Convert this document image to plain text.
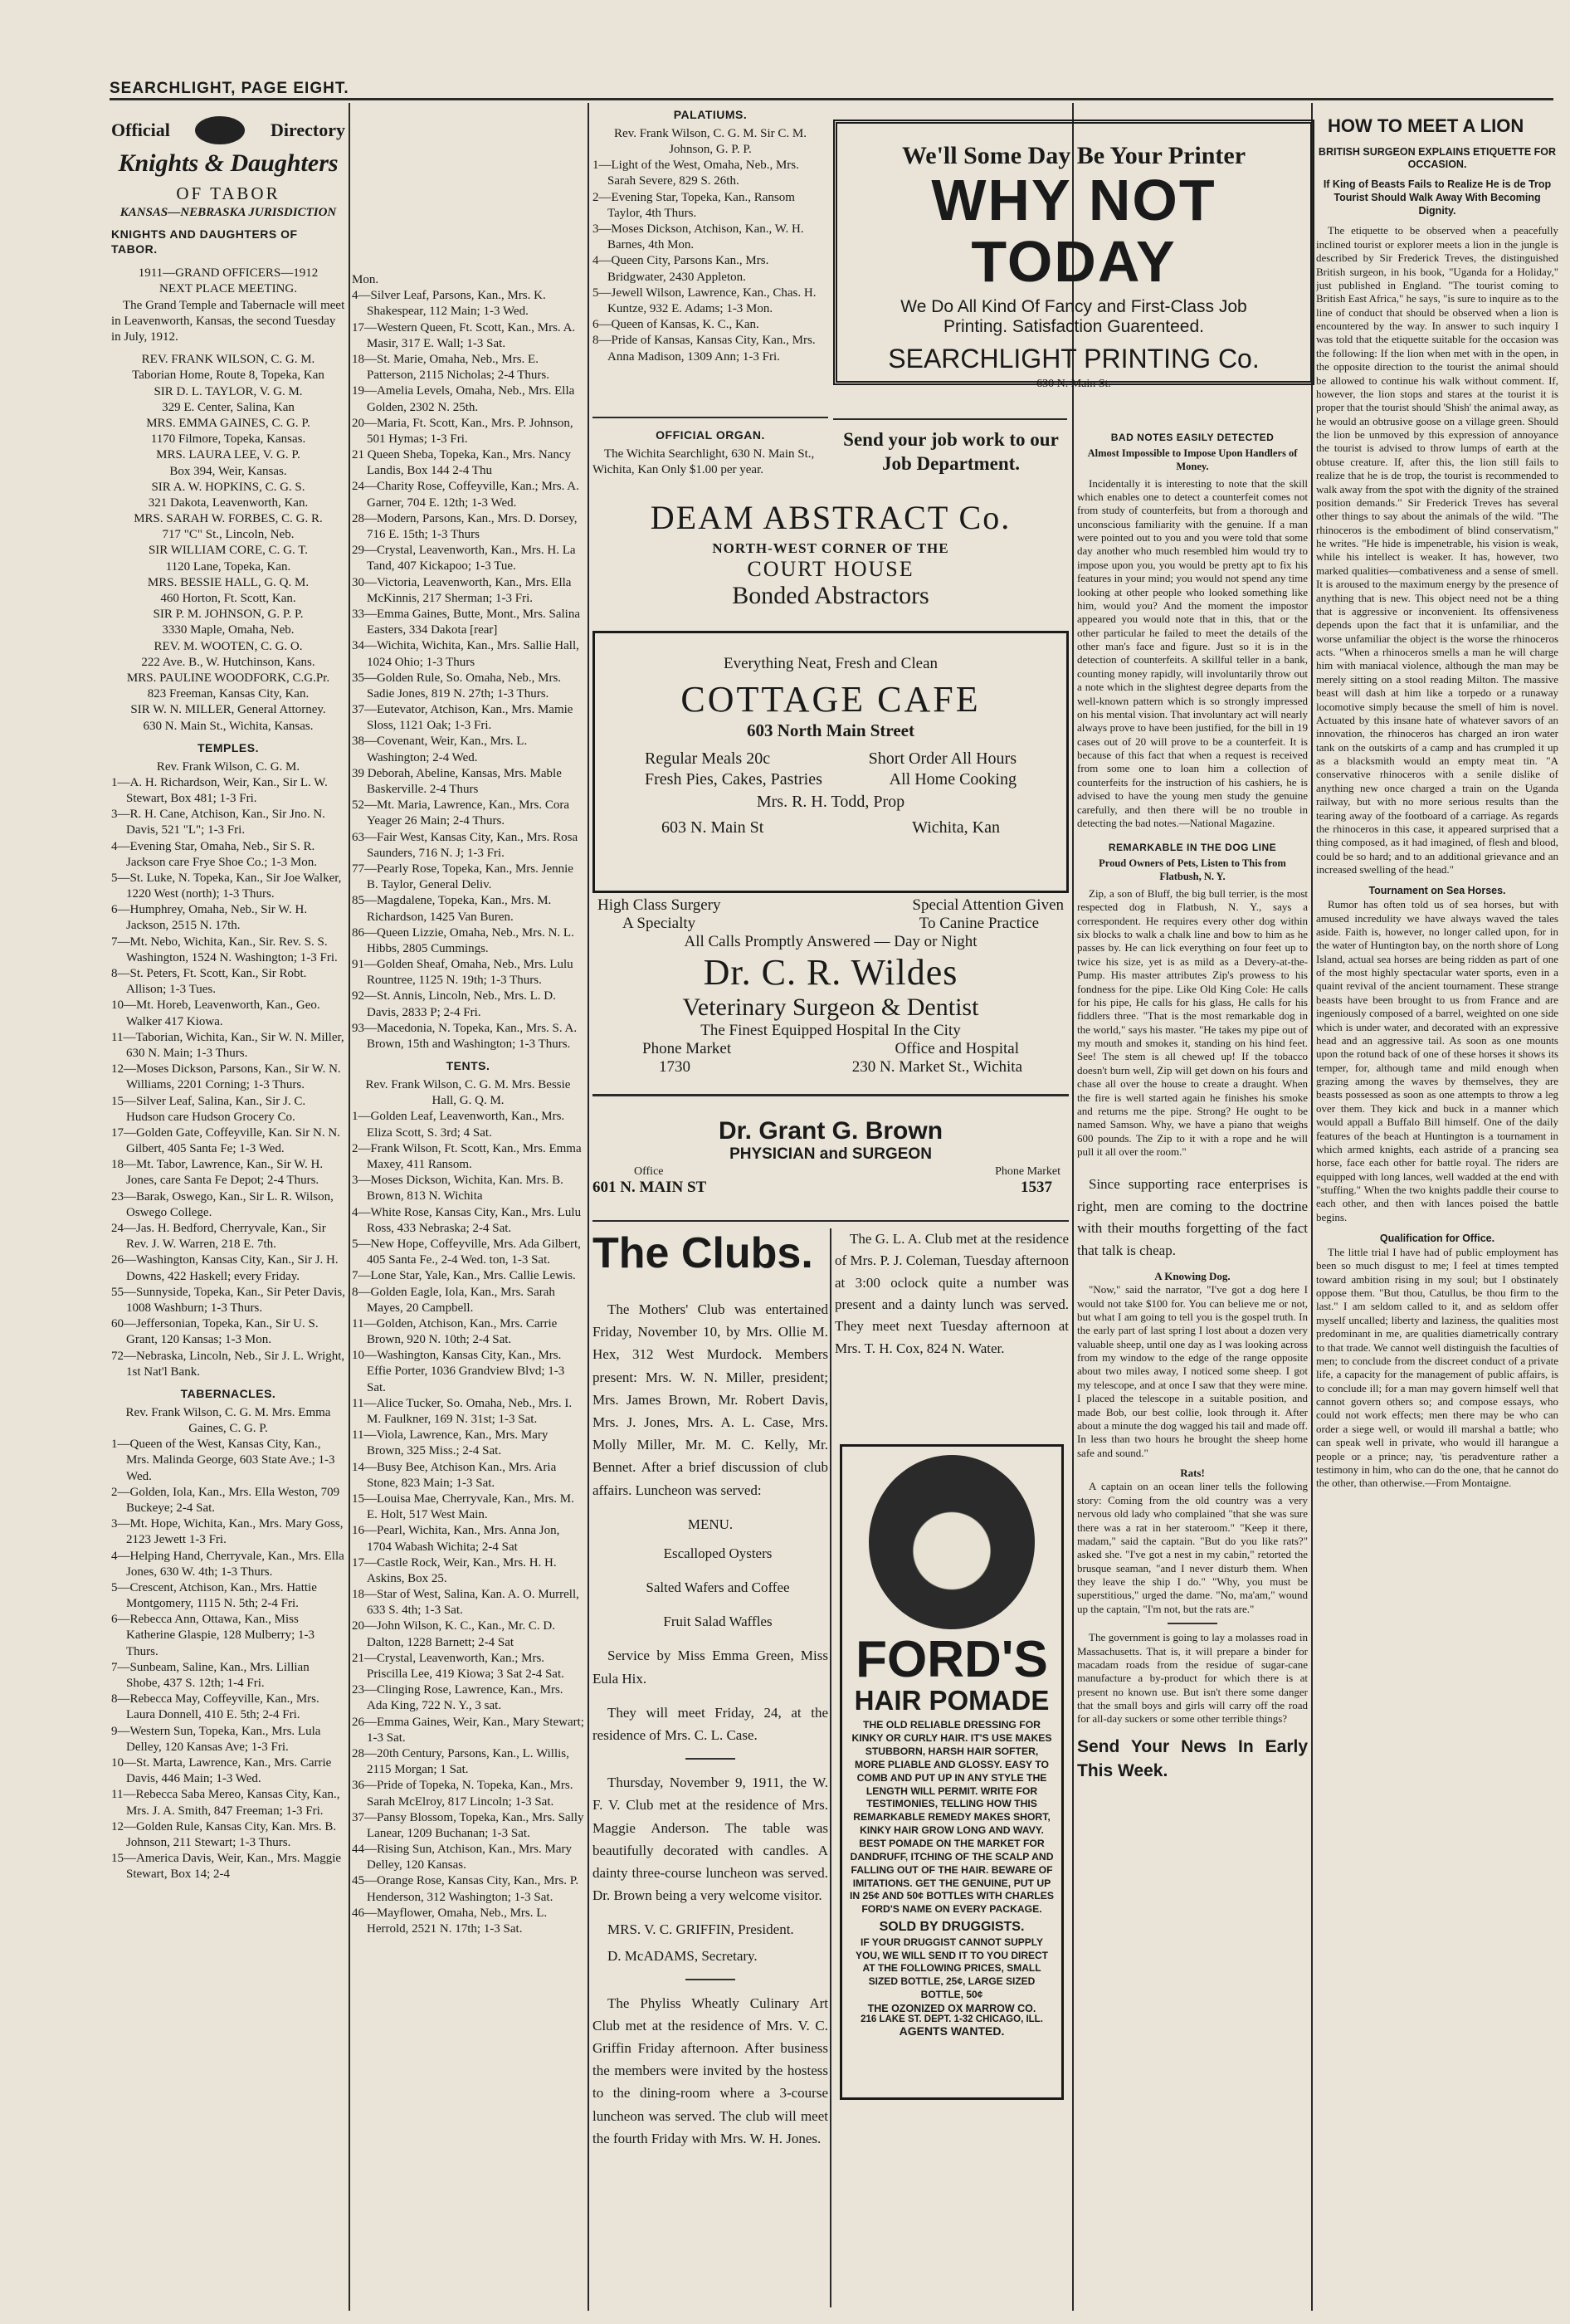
SEARCHLIGHT, PAGE EIGHT.
Official	Directory
Knights & Daughters
OF TABOR
KANSAS—NEBRASKA JURISDICTION
KNIGHTS AND DAUGHTERS OF TABOR.
1911—GRAND OFFICERS—1912
NEXT PLACE MEETING.

The Grand Temple and Tabernacle will meet in Leavenworth, Kansas, the second Tuesday in July, 1912.

REV. FRANK WILSON, C. G. M.

Taborian Home, Route 8, Topeka, Kan

SIR D. L. TAYLOR, V. G. M.

329 E. Center, Salina, Kan

MRS. EMMA GAINES, C. G. P.

1170 Filmore, Topeka, Kansas.

MRS. LAURA LEE, V. G. P.

Box 394, Weir, Kansas.

SIR A. W. HOPKINS, C. G. S.

321 Dakota, Leavenworth, Kan.

MRS. SARAH W. FORBES, C. G. R.

717 "C" St., Lincoln, Neb.

SIR WILLIAM CORE, C. G. T.

1120 Lane, Topeka, Kan.

MRS. BESSIE HALL, G. Q. M.

460 Horton, Ft. Scott, Kan.

SIR P. M. JOHNSON, G. P. P.

3330 Maple, Omaha, Neb.

REV. M. WOOTEN, C. G. O.

222 Ave. B., W. Hutchinson, Kans.

MRS. PAULINE WOODFORK, C.G.Pr.

823 Freeman, Kansas City, Kan.

SIR W. N. MILLER, General Attorney.

630 N. Main St., Wichita, Kansas.

TEMPLES.
Rev. Frank Wilson, C. G. M.

1—A. H. Richardson, Weir, Kan., Sir L. W. Stewart, Box 481; 1-3 Fri.

3—R. H. Cane, Atchison, Kan., Sir Jno. N. Davis, 521 "L"; 1-3 Fri.

4—Evening Star, Omaha, Neb., Sir S. R. Jackson care Frye Shoe Co.; 1-3 Mon.

5—St. Luke, N. Topeka, Kan., Sir Joe Walker, 1220 West (north); 1-3 Thurs.

6—Humphrey, Omaha, Neb., Sir W. H. Jackson, 2515 N. 17th.

7—Mt. Nebo, Wichita, Kan., Sir. Rev. S. S. Washington, 1524 N. Washington; 1-3 Fri.

8—St. Peters, Ft. Scott, Kan., Sir Robt. Allison; 1-3 Tues.

10—Mt. Horeb, Leavenworth, Kan., Geo. Walker 417 Kiowa.

11—Taborian, Wichita, Kan., Sir W. N. Miller, 630 N. Main; 1-3 Thurs.

12—Moses Dickson, Parsons, Kan., Sir W. N. Williams, 2201 Corning; 1-3 Thurs.

15—Silver Leaf, Salina, Kan., Sir J. C. Hudson care Hudson Grocery Co.

17—Golden Gate, Coffeyville, Kan. Sir N. N. Gilbert, 405 Santa Fe; 1-3 Wed.

18—Mt. Tabor, Lawrence, Kan., Sir W. H. Jones, care Santa Fe Depot; 2-4 Thurs.

23—Barak, Oswego, Kan., Sir L. R. Wilson, Oswego College.

24—Jas. H. Bedford, Cherryvale, Kan., Sir Rev. J. W. Warren, 218 E. 7th.

26—Washington, Kansas City, Kan., Sir J. H. Downs, 422 Haskell; every Friday.

55—Sunnyside, Topeka, Kan., Sir Peter Davis, 1008 Washburn; 1-3 Thurs.

60—Jeffersonian, Topeka, Kan., Sir U. S. Grant, 120 Kansas; 1-3 Mon.

72—Nebraska, Lincoln, Neb., Sir J. L. Wright, 1st Nat'l Bank.

TABERNACLES.
Rev. Frank Wilson, C. G. M. Mrs. Emma Gaines, C. G. P.

1—Queen of the West, Kansas City, Kan., Mrs. Malinda George, 603 State Ave.; 1-3 Wed.

2—Golden, Iola, Kan., Mrs. Ella Weston, 709 Buckeye; 2-4 Sat.

3—Mt. Hope, Wichita, Kan., Mrs. Mary Goss, 2123 Jewett 1-3 Fri.

4—Helping Hand, Cherryvale, Kan., Mrs. Ella Jones, 630 W. 4th; 1-3 Thurs.

5—Crescent, Atchison, Kan., Mrs. Hattie Montgomery, 1115 N. 5th; 2-4 Fri.

6—Rebecca Ann, Ottawa, Kan., Miss Katherine Glaspie, 128 Mulberry; 1-3 Thurs.

7—Sunbeam, Saline, Kan., Mrs. Lillian Shobe, 437 S. 12th; 1-4 Fri.

8—Rebecca May, Coffeyville, Kan., Mrs. Laura Donnell, 410 E. 5th; 2-4 Fri.

9—Western Sun, Topeka, Kan., Mrs. Lula Delley, 120 Kansas Ave; 1-3 Fri.

10—St. Marta, Lawrence, Kan., Mrs. Carrie Davis, 446 Main; 1-3 Wed.

11—Rebecca Saba Mereo, Kansas City, Kan., Mrs. J. A. Smith, 847 Freeman; 1-3 Fri.

12—Golden Rule, Kansas City, Kan. Mrs. B. Johnson, 211 Stewart; 1-3 Thurs.

15—America Davis, Weir, Kan., Mrs. Maggie Stewart, Box 14; 2-4

Mon.

4—Silver Leaf, Parsons, Kan., Mrs. K. Shakespear, 112 Main; 1-3 Wed.

17—Western Queen, Ft. Scott, Kan., Mrs. A. Masir, 317 E. Wall; 1-3 Sat.

18—St. Marie, Omaha, Neb., Mrs. E. Patterson, 2115 Nicholas; 2-4 Thurs.

19—Amelia Levels, Omaha, Neb., Mrs. Ella Golden, 2302 N. 25th.

20—Maria, Ft. Scott, Kan., Mrs. P. Johnson, 501 Hymas; 1-3 Fri.

21 Queen Sheba, Topeka, Kan., Mrs. Nancy Landis, Box 144 2-4 Thu

24—Charity Rose, Coffeyville, Kan.; Mrs. A. Garner, 704 E. 12th; 1-3 Wed.

28—Modern, Parsons, Kan., Mrs. D. Dorsey, 716 E. 15th; 1-3 Thurs

29—Crystal, Leavenworth, Kan., Mrs. H. La Tand, 407 Kickapoo; 1-3 Tue.

30—Victoria, Leavenworth, Kan., Mrs. Ella McKinnis, 217 Sherman; 1-3 Fri.

33—Emma Gaines, Butte, Mont., Mrs. Salina Easters, 334 Dakota [rear]

34—Wichita, Wichita, Kan., Mrs. Sallie Hall, 1024 Ohio; 1-3 Thurs

35—Golden Rule, So. Omaha, Neb., Mrs. Sadie Jones, 819 N. 27th; 1-3 Thurs.

37—Eutevator, Atchison, Kan., Mrs. Mamie Sloss, 1121 Oak; 1-3 Fri.

38—Covenant, Weir, Kan., Mrs. L. Washington; 2-4 Wed.

39 Deborah, Abeline, Kansas, Mrs. Mable Baskerville. 2-4 Thurs

52—Mt. Maria, Lawrence, Kan., Mrs. Cora Yeager 26 Main; 2-4 Thurs.

63—Fair West, Kansas City, Kan., Mrs. Rosa Saunders, 716 N. J; 1-3 Fri.

77—Pearly Rose, Topeka, Kan., Mrs. Jennie B. Taylor, General Deliv.

85—Magdalene, Topeka, Kan., Mrs. M. Richardson, 1425 Van Buren.

86—Queen Lizzie, Omaha, Neb., Mrs. N. L. Hibbs, 2805 Cummings.

91—Golden Sheaf, Omaha, Neb., Mrs. Lulu Rountree, 1125 N. 19th; 1-3 Thurs.

92—St. Annis, Lincoln, Neb., Mrs. L. D. Davis, 2833 P; 2-4 Fri.

93—Macedonia, N. Topeka, Kan., Mrs. S. A. Brown, 15th and Washington; 1-3 Thurs.

TENTS.
Rev. Frank Wilson, C. G. M. Mrs. Bessie Hall, G. Q. M.

1—Golden Leaf, Leavenworth, Kan., Mrs. Eliza Scott, S. 3rd; 4 Sat.

2—Frank Wilson, Ft. Scott, Kan., Mrs. Emma Maxey, 411 Ransom.

3—Moses Dickson, Wichita, Kan. Mrs. B. Brown, 813 N. Wichita

4—White Rose, Kansas City, Kan., Mrs. Lulu Ross, 433 Nebraska; 2-4 Sat.

5—New Hope, Coffeyville, Mrs. Ada Gilbert, 405 Santa Fe., 2-4 Wed. ton, 1-3 Sat.

7—Lone Star, Yale, Kan., Mrs. Callie Lewis.

8—Golden Eagle, Iola, Kan., Mrs. Sarah Mayes, 20 Campbell.

11—Golden, Atchison, Kan., Mrs. Carrie Brown, 920 N. 10th; 2-4 Sat.

10—Washington, Kansas City, Kan., Mrs. Effie Porter, 1036 Grandview Blvd; 1-3 Sat.

11—Alice Tucker, So. Omaha, Neb., Mrs. I. M. Faulkner, 169 N. 31st; 1-3 Sat.

11—Viola, Lawrence, Kan., Mrs. Mary Brown, 325 Miss.; 2-4 Sat.

14—Busy Bee, Atchison Kan., Mrs. Aria Stone, 823 Main; 1-3 Sat.

15—Louisa Mae, Cherryvale, Kan., Mrs. M. E. Holt, 517 West Main.

16—Pearl, Wichita, Kan., Mrs. Anna Jon, 1704 Wabash Wichita; 2-4 Sat

17—Castle Rock, Weir, Kan., Mrs. H. H. Askins, Box 25.

18—Star of West, Salina, Kan. A. O. Murrell, 633 S. 4th; 1-3 Sat.

20—John Wilson, K. C., Kan., Mr. C. D. Dalton, 1228 Barnett; 2-4 Sat

21—Crystal, Leavenworth, Kan.; Mrs. Priscilla Lee, 419 Kiowa; 3 Sat 2-4 Sat.

23—Clinging Rose, Lawrence, Kan., Mrs. Ada King, 722 N. Y., 3 sat.

26—Emma Gaines, Weir, Kan., Mary Stewart; 1-3 Sat.

28—20th Century, Parsons, Kan., L. Willis, 2115 Morgan; 1 Sat.

36—Pride of Topeka, N. Topeka, Kan., Mrs. Sarah McElroy, 817 Lincoln; 1-3 Sat.

37—Pansy Blossom, Topeka, Kan., Mrs. Sally Lanear, 1209 Buchanan; 1-3 Sat.

44—Rising Sun, Atchison, Kan., Mrs. Mary Delley, 120 Kansas.

45—Orange Rose, Kansas City, Kan., Mrs. P. Henderson, 312 Washington; 1-3 Sat.

46—Mayflower, Omaha, Neb., Mrs. L. Herrold, 2521 N. 17th; 1-3 Sat.

PALATIUMS.
Rev. Frank Wilson, C. G. M. Sir C. M. Johnson, G. P. P.

1—Light of the West, Omaha, Neb., Mrs. Sarah Severe, 829 S. 26th.

2—Evening Star, Topeka, Kan., Ransom Taylor, 4th Thurs.

3—Moses Dickson, Atchison, Kan., W. H. Barnes, 4th Mon.

4—Queen City, Parsons Kan., Mrs. Bridgwater, 2430 Appleton.

5—Jewell Wilson, Lawrence, Kan., Chas. H. Kuntze, 932 E. Adams; 1-3 Mon.

6—Queen of Kansas, K. C., Kan.

8—Pride of Kansas, Kansas City, Kan., Mrs. Anna Madison, 1309 Ann; 1-3 Fri.

OFFICIAL ORGAN.

The Wichita Searchlight, 630 N. Main St., Wichita, Kan Only $1.00 per year.

We'll Some Day Be Your Printer
WHY NOT TODAY
We Do All Kind Of Fancy and First-Class Job
Printing. Satisfaction Guarenteed.
SEARCHLIGHT PRINTING Co.
630 N. Main St.
Send your job work to our Job Department.
DEAM ABSTRACT Co.
NORTH-WEST CORNER OF THE
COURT HOUSE
Bonded Abstractors
Everything Neat, Fresh and Clean
COTTAGE CAFE
603 North Main Street
Regular Meals 20c	Short Order All Hours
Fresh Pies, Cakes, Pastries	All Home Cooking
Mrs. R. H. Todd, Prop
603 N. Main St	Wichita, Kan
High Class Surgery	Special Attention Given
A Specialty	To Canine Practice
All Calls Promptly Answered — Day or Night
Dr. C. R. Wildes
Veterinary Surgeon & Dentist
The Finest Equipped Hospital In the City
Phone Market	Office and Hospital
1730	230 N. Market St., Wichita
Dr. Grant G. Brown
PHYSICIAN and SURGEON
Office	Phone Market
601 N. MAIN ST	1537
The Clubs.

The Mothers' Club was entertained Friday, November 10, by Mrs. Ollie M. Hex, 312 West Murdock. Members present: Mrs. W. N. Miller, president; Mrs. James Brown, Mr. Robert Davis, Mrs. J. Jones, Mrs. A. L. Case, Mrs. Molly Miller, Mr. M. C. Kelly, Mr. Bennet. After a brief discussion of club affairs. Luncheon was served:

MENU.

Escalloped Oysters

Salted Wafers and Coffee

Fruit Salad Waffles

Service by Miss Emma Green, Miss Eula Hix.

They will meet Friday, 24, at the residence of Mrs. C. L. Case.

Thursday, November 9, 1911, the W. F. V. Club met at the residence of Mrs. Maggie Anderson. The table was beautifully decorated with candles. A dainty three-course luncheon was served. Dr. Brown being a very welcome visitor.

MRS. V. C. GRIFFIN, President.

D. McADAMS, Secretary.

The Phyliss Wheatly Culinary Art Club met at the residence of Mrs. V. C. Griffin Friday afternoon. After business the members were invited by the hostess to the dining-room where a 3-course luncheon was served. The club will meet the fourth Friday with Mrs. W. H. Jones.

The G. L. A. Club met at the residence of Mrs. P. J. Coleman, Tuesday afternoon at 3:00 oclock quite a number was present and a dainty lunch was served. They meet next Tuesday afternoon at Mrs. T. H. Cox, 824 N. Water.

FORD'S
HAIR POMADE
THE OLD RELIABLE DRESSING FOR KINKY OR CURLY HAIR. IT'S USE MAKES STUBBORN, HARSH HAIR SOFTER, MORE PLIABLE AND GLOSSY. EASY TO COMB AND PUT UP IN ANY STYLE THE LENGTH WILL PERMIT. WRITE FOR TESTIMONIES, TELLING HOW THIS REMARKABLE REMEDY MAKES SHORT, KINKY HAIR GROW LONG AND WAVY. BEST POMADE ON THE MARKET FOR DANDRUFF, ITCHING OF THE SCALP AND FALLING OUT OF THE HAIR. BEWARE OF IMITATIONS. GET THE GENUINE, PUT UP IN 25¢ AND 50¢ BOTTLES WITH CHARLES FORD'S NAME ON EVERY PACKAGE.
SOLD BY DRUGGISTS.
IF YOUR DRUGGIST CANNOT SUPPLY YOU, WE WILL SEND IT TO YOU DIRECT AT THE FOLLOWING PRICES, SMALL SIZED BOTTLE, 25¢, LARGE SIZED BOTTLE, 50¢
THE OZONIZED OX MARROW CO.
216 LAKE ST. DEPT. 1-32 CHICAGO, ILL.
AGENTS WANTED.
BAD NOTES EASILY DETECTED
Almost Impossible to Impose Upon Handlers of Money.

Incidentally it is interesting to note that the skill which enables one to detect a counterfeit comes not from study of counterfeits, but from a thorough and unconscious familiarity with the genuine. If a man were pointed out to you and you were told that some day another who much resembled him would try to impose upon you, you would be pretty apt to fix his features in your mind; you would not spend any time looking at other people who looked something like him, would you? And the moment the impostor appeared you would note that in this, that or the other particular he failed to meet the details of the other man's face and figure. Just so it is in the detection of counterfeits. A skillful teller in a bank, counting money rapidly, will involuntarily throw out a note which in the slightest degree departs from the well-known pattern which is so strongly impressed on his mental vision. That involuntary act will nearly always prove to have been justified, for the bill in 19 cases out of 20 will prove to be a counterfeit. It is because of this fact that when a request is received from some one to loan him a collection of counterfeits for the instruction of his cashiers, he is advised to have the young men study the genuine carefully, and then there will be no trouble in detecting the bad notes.—National Magazine.

REMARKABLE IN THE DOG LINE
Proud Owners of Pets, Listen to This from Flatbush, N. Y.

Zip, a son of Bluff, the big bull terrier, is the most respected dog in Flatbush, N. Y., says a correspondent. He requires every other dog within six blocks to walk a chalk line and bow to him as he passes by. He can lick everything on four feet up to twice his size, yet is as mild as a Devery-at-the-Pump. His master attributes Zip's prowess to his fondness for the pipe. Like Old King Cole: He calls for his pipe, He calls for his glass, He calls for his fiddlers three. "That is the most remarkable dog in the world," says his master. "He takes my pipe out of my mouth and smokes it, standing on his hind feet. See! The stem is all chewed up! If the tobacco doesn't burn well, Zip will get down on his fours and chase all over the house to create a draught. When the fire is well started again he finishes his smoke and returns me the pipe. Strong? He ought to be named Samson. Why, we have a piano that weighs 600 pounds. The Zip to it with a rope and he will pull it all over the room."

Since supporting race enterprises is right, men are coming to the doctrine with their mouths forgetting of the fact that talk is cheap.

A Knowing Dog.

"Now," said the narrator, "I've got a dog here I would not take $100 for. You can believe me or not, but what I am going to tell you is the gospel truth. In the early part of last spring I lost about a dozen very valuable sheep, until one day as I was looking across from my window to the edge of the range opposite about two miles away, I noticed some sheep. I got my telescope, and at once I saw that they were mine. I placed the telescope in a suitable position, and made Bob, our best collie, look through it. After about a minute the dog wagged his tail and made off. In less than two hours he brought the sheep home safe and sound."

Rats!

A captain on an ocean liner tells the following story: Coming from the old country was a very nervous old lady who complained "that she was sure there was a rat in her stateroom." "Keep it there, madam," said the captain. "But do you like rats?" asked she. "I've got a nest in my cabin," retorted the brusque seaman, "and I never disturb them. When they leave the ship I do." "Why, you must be superstitious," urged the dame. "No, ma'am," wound up the captain, "I'm not, but the rats are."

The government is going to lay a molasses road in Massachusetts. That is, it will prepare a binder for macadam roads from the residue of sugar-cane manufacture a by-product for which there is at present no known use. But isn't there some danger that the small boys and girls will carry off the road for all-day suckers or some other terrible things?

Send Your News In Early This Week.
HOW TO MEET A LION
BRITISH SURGEON EXPLAINS ETIQUETTE FOR OCCASION.
If King of Beasts Fails to Realize He is de Trop Tourist Should Walk Away With Becoming Dignity.

The etiquette to be observed when a peacefully inclined tourist or explorer meets a lion in the jungle is described by Sir Frederick Treves, the distinguished British surgeon, in his book, "Uganda for a Holiday," just published in England. "The tourist coming to British East Africa," he says, "is sure to inquire as to the line of conduct that should be observed when a lion is encountered by the way. In answer to such inquiry I was told that the etiquette suitable for the occasion was the following: If the lion when met with in the open, in the opposite direction to the tourist the animal should be allowed to continue his walk without comment. If, however, the lion stops and stares at the tourist it is proper that the tourist should 'Shish' the animal away, as he would an obtrusive goose on a village green. Should the lion be unmoved by this expression of annoyance the tourist is advised to throw lumps of earth at the obtuse creature. If, after this, the lion still fails to realize that he is de trop, the tourist is recommended to walk away from the spot with the dignity of the strained position demands." Sir Frederick Treves has several other things to say about the animals of the wild. "The rhinoceros is the embodiment of blind conservatism," he writes. "He hide is impenetrable, his vision is weak, while his intellect is weaker. It has, however, two marked qualities—combativeness and a sense of smell. It is aroused to the maximum energy by the presence of anything that is new. This object need not be a thing that is aggressive or inconvenient. Its offensiveness depends upon the fact that it is unfamiliar, and the worse unfamiliar the object is the worse the rhinoceros acts. "When a rhinoceros smells a man he will charge him with maniacal violence, although the man may be merely sitting on a stool reading Milton. The massive beast will dash at him like a torpedo or a runaway locomotive simply because the smell of him is novel. Actuated by this insane hate of whatever savors of an innovation, the rhinoceros has charged an iron water tank on the outskirts of a camp and has crumpled it up as a blacksmith would an empty meat tin. "A conservative rhinoceros with a senile dislike of anything new once charged a train on the Uganda railway, but with no more serious results than the tearing away of the footboard of a carriage. As regards the rhinoceros in this case, it appeared surprised that a thing composed, as it had imagined, of flesh and blood, could be so hard; and to an additional grievance and an increased swelling of the head."

Tournament on Sea Horses.

Rumor has often told us of sea horses, but with amused incredulity we have always waved the tales aside. Faith is, however, no longer called upon, for in the water of Huntington bay, on the north shore of Long Island, actual sea horses are being ridden as part of one of the most highly spectacular water sports, even in a quaint revival of the ancient tournament. These strange beasts have been brought to us from France and are ingeniously composed of a barrel, weighted on one side which is under water, and decorated with an expressive head and an aggressive tail. As soon as one mounts upon the rotund back of one of these horses it shows its temper, for, although tame and mild enough when grazing among the waves by themselves, they are beasts possessed as soon as one attempts to throw a leg over them. They kick and buck in a manner which would appall a Buffalo Bill himself. One of the daily features of the beach at Huntington is a tournament in which armed knights, each astride of a prancing sea horse, face each other for battle royal. The riders are equipped with long lances, well wadded at the end with "stuffing." When the two knights paddle their course to each other, and then with lances poised the battle begins.

Qualification for Office.

The little trial I have had of public employment has been so much disgust to me; I feel at times tempted toward ambition rising in my soul; but I obstinately oppose them. "But thou, Catullus, be thou firm to the last." I am seldom called to it, and as seldom offer myself uncalled; liberty and laziness, the qualities most predominant in me, are qualities diametrically contrary to that trade. We cannot well distinguish the faculties of men; to conclude from the discreet conduct of a private life, a capacity for the management of public affairs, is to conclude ill; for a man may govern himself well that cannot govern others so; and compose essays, who could not work effects; men there may be who can order a siege well, or would ill marshal a battle; who can speak well in private, who would ill harangue a people or a prince; nay, 'tis peradventure rather a testimony in him, who can do the one, that he cannot do the other, than otherwise.—From Montaigne.
